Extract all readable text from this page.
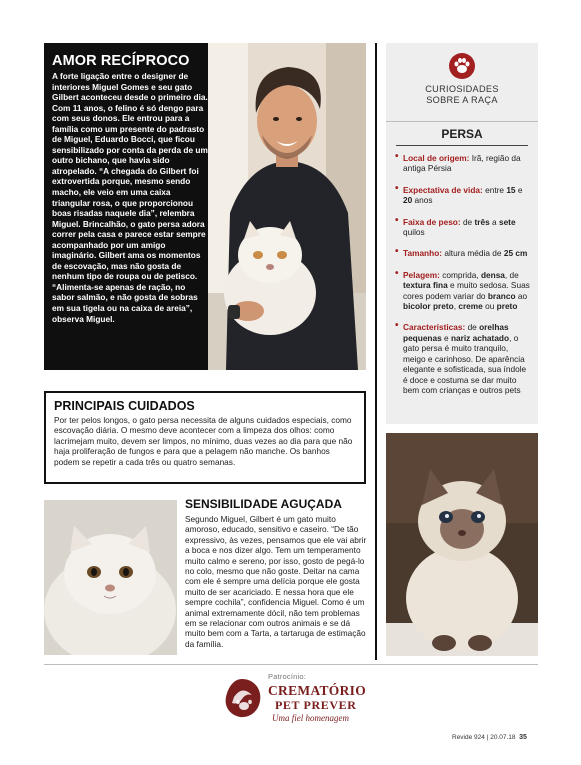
AMOR RECÍPROCO
A forte ligação entre o designer de interiores Miguel Gomes e seu gato Gilbert aconteceu desde o primeiro dia. Com 11 anos, o felino é só dengo para com seus donos. Ele entrou para a família como um presente do padrasto de Miguel, Eduardo Bocci, que ficou sensibilizado por conta da perda de um outro bichano, que havia sido atropelado. “A chegada do Gilbert foi extrovertida porque, mesmo sendo macho, ele veio em uma caixa triangular rosa, o que proporcionou boas risadas naquele dia”, relembra Miguel. Brincalhão, o gato persa adora correr pela casa e parece estar sempre acompanhado por um amigo imaginário. Gilbert ama os momentos de escovação, mas não gosta de nenhum tipo de roupa ou de petisco. “Alimenta-se apenas de ração, no sabor salmão, e não gosta de sobras em sua tigela ou na caixa de areia”, observa Miguel.
CURIOSIDADES
SOBRE A RAÇA
PERSA
• Local de origem: Irã, região da antiga Pérsia
• Expectativa de vida: entre 15 e 20 anos
• Faixa de peso: de três a sete quilos
• Tamanho: altura média de 25 cm
• Pelagem: comprida, densa, de textura fina e muito sedosa. Suas cores podem variar do branco ao bicolor preto, creme ou preto
• Características: de orelhas pequenas e nariz achatado, o gato persa é muito tranquilo, meigo e carinhoso. De aparência elegante e sofisticada, sua índole é doce e costuma se dar muito bem com crianças e outros pets
PRINCIPAIS CUIDADOS
Por ter pelos longos, o gato persa necessita de alguns cuidados especiais, como escovação diária. O mesmo deve acontecer com a limpeza dos olhos: como lacrimejam muito, devem ser limpos, no mínimo, duas vezes ao dia para que não haja proliferação de fungos e para que a pelagem não manche. Os banhos podem se repetir a cada três ou quatro semanas.
SENSIBILIDADE AGUÇADA
Segundo Miguel, Gilbert é um gato muito amoroso, educado, sensitivo e caseiro. “De tão expressivo, às vezes, pensamos que ele vai abrir a boca e nos dizer algo. Tem um temperamento muito calmo e sereno, por isso, gosto de pegá-lo no colo, mesmo que não goste. Deitar na cama com ele é sempre uma delícia porque ele gosta muito de ser acariciado. E nessa hora que ele sempre cochila”, confidencia Miguel. Como é um animal extremamente dócil, não tem problemas em se relacionar com outros animais e se dá muito bem com a Tarta, a tartaruga de estimação da família.
Patrocínio:
CREMATÓRIO
PET PREVER
Uma fiel homenagem
Revide 924 | 20.07.18 35
